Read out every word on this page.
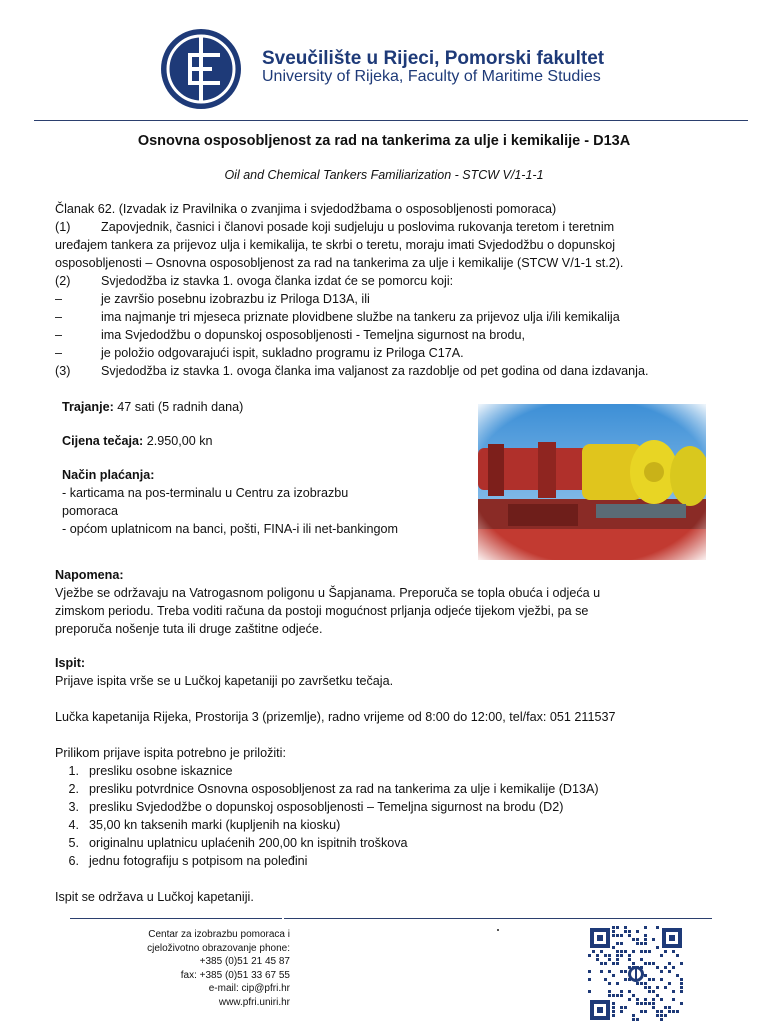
Sveučilište u Rijeci, Pomorski fakultet
University of Rijeka, Faculty of Maritime Studies
Osnovna osposobljenost za rad na tankerima za ulje i kemikalije - D13A
Oil and Chemical Tankers Familiarization - STCW V/1-1-1
Članak 62. (Izvadak iz Pravilnika o zvanjima i svjedodžbama o osposobljenosti pomoraca)
(1) Zapovjednik, časnici i članovi posade koji sudjeluju u poslovima rukovanja teretom i teretnim
uređajem tankera za prijevoz ulja i kemikalija, te skrbi o teretu, moraju imati Svjedodžbu o dopunskoj
osposobljenosti – Osnovna osposobljenost za rad na tankerima za ulje i kemikalije (STCW V/1-1 st.2).
(2) Svjedodžba iz stavka 1. ovoga članka izdat će se pomorcu koji:
–	je završio posebnu izobrazbu iz Priloga D13A, ili
–	ima najmanje tri mjeseca priznate plovidbene službe na tankeru za prijevoz ulja i/ili kemikalija
–	ima Svjedodžbu o dopunskoj osposobljenosti - Temeljna sigurnost na brodu,
–	je položio odgovarajući ispit, sukladno programu iz Priloga C17A.
(3) Svjedodžba iz stavka 1. ovoga članka ima valjanost za razdoblje od pet godina od dana izdavanja.
Trajanje: 47 sati (5 radnih dana)
Cijena tečaja: 2.950,00 kn
Način plaćanja:
- karticama na pos-terminalu u Centru za izobrazbu
pomoraca
- općom uplatnicom na banci, pošti, FINA-i ili net-bankingom
Napomena:
Vježbe se održavaju na Vatrogasnom poligonu u Šapjanama. Preporuča se topla obuća i odjeća u
zimskom periodu. Treba voditi računa da postoji mogućnost prljanja odjeće tijekom vježbi, pa se
preporuča nošenje tuta ili druge zaštitne odjeće.
Ispit:
Prijave ispita vrše se u Lučkoj kapetaniji po završetku tečaja.
Lučka kapetanija Rijeka, Prostorija 3 (prizemlje), radno vrijeme od 8:00 do 12:00, tel/fax: 051 211537
Prilikom prijave ispita potrebno je priložiti:
1. presliku osobne iskaznice
2. presliku potvrdnice Osnovna osposobljenost za rad na tankerima za ulje i kemikalije (D13A)
3. presliku Svjedodžbe o dopunskoj osposobljenosti – Temeljna sigurnost na brodu (D2)
4. 35,00 kn taksenih marki (kupljenih na kiosku)
5. originalnu uplatnicu uplaćenih 200,00 kn ispitnih troškova
6. jednu fotografiju s potpisom na poleđini
Ispit se održava u Lučkoj kapetaniji.
Centar za izobrazbu pomoraca i
cjeloživotno obrazovanje phone:
+385 (0)51 21 45 87
fax: +385 (0)51 33 67 55
e-mail: cip@pfri.hr
www.pfri.uniri.hr
